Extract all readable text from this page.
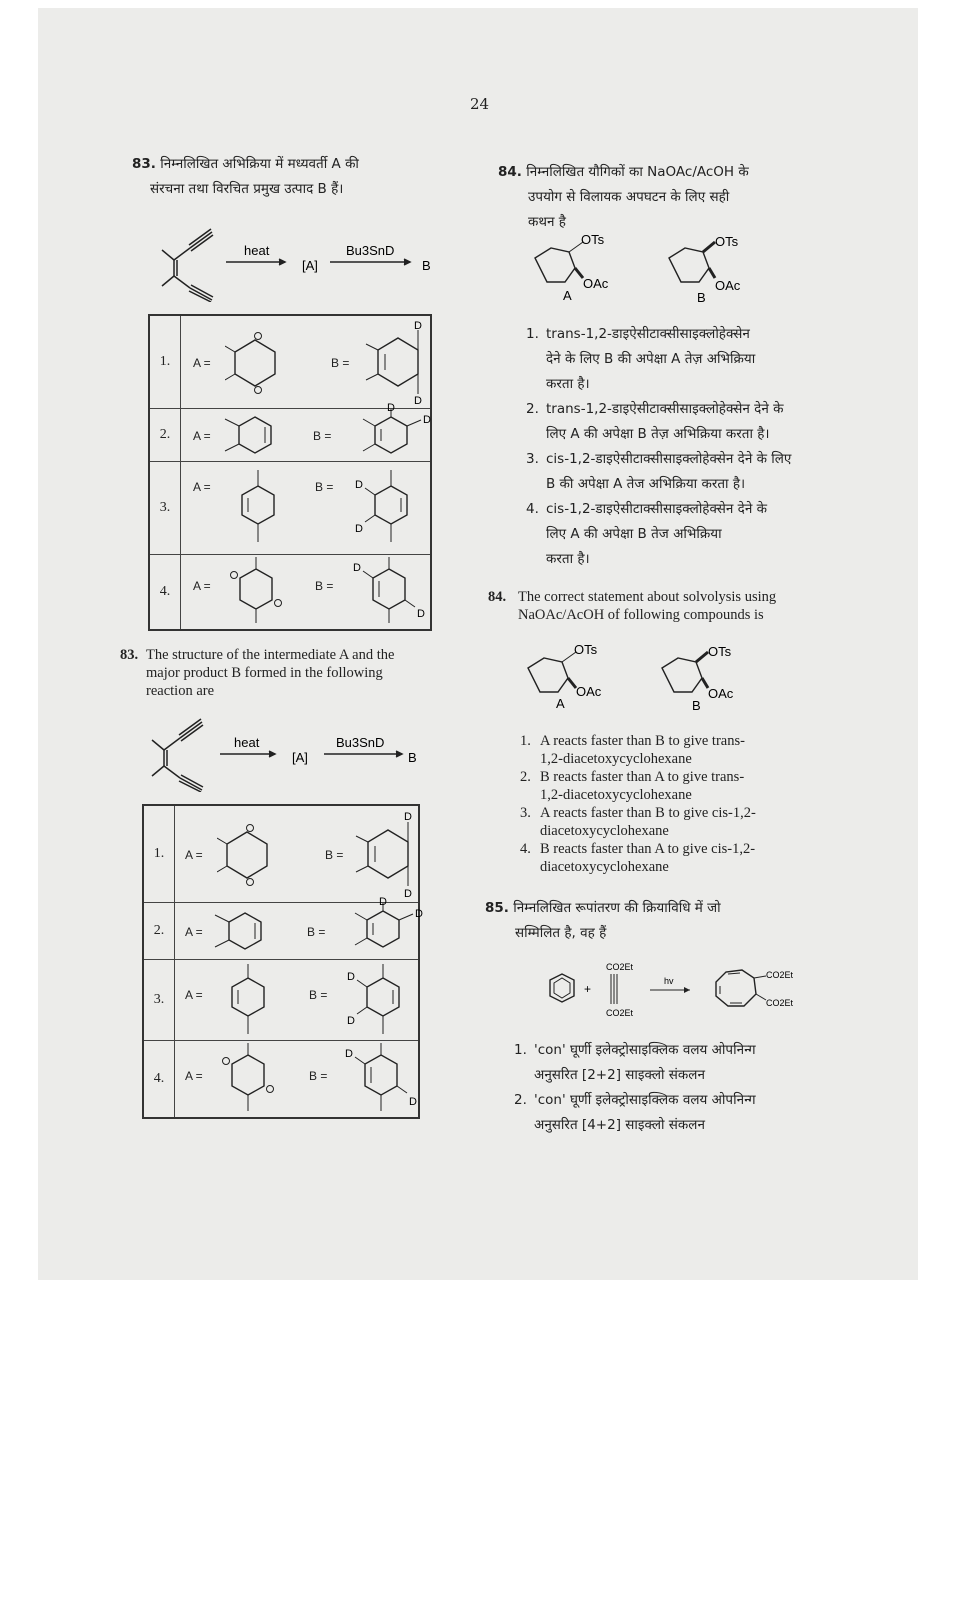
24
83. निम्नलिखित अभिक्रिया में मध्यवर्ती A की
संरचना तथा विरचित प्रमुख उत्पाद B हैं।
heat
[A]
Bu3SnD
B
1.	A = B =
D
D

2.	A = B =
D
D

3.	A = B = D
D

4.	A = B =
D
D
83. The structure of the intermediate A and the
major product B formed in the following
reaction are
heat
[A]
Bu3SnD
B
1.	A = B =
D
D

2.	A = B =
D
D

3.	A = B =
D
D

4.	A = B =
D
D
84. निम्नलिखित यौगिकों का NaOAc/AcOH के
उपयोग से विलायक अपघटन के लिए सही
कथन है
OTs
OAc
A
OTs
OAc
B
1. trans-1,2-डाइऐसीटाक्सीसाइक्लोहेक्सेन
देने के लिए B की अपेक्षा A तेज़ अभिक्रिया
करता है।
2. trans-1,2-डाइऐसीटाक्सीसाइक्लोहेक्सेन देने के
लिए A की अपेक्षा B तेज़ अभिक्रिया करता है।
3. cis-1,2-डाइऐसीटाक्सीसाइक्लोहेक्सेन देने के लिए
B की अपेक्षा A तेज अभिक्रिया करता है।
4. cis-1,2-डाइऐसीटाक्सीसाइक्लोहेक्सेन देने के
लिए A की अपेक्षा B तेज अभिक्रिया
करता है।
84. The correct statement about solvolysis using
NaOAc/AcOH of following compounds is
OTs
OAc
A
OTs
OAc
B
1. A reacts faster than B to give trans-
1,2-diacetoxycyclohexane
2. B reacts faster than A to give trans-
1,2-diacetoxycyclohexane
3. A reacts faster than B to give cis-1,2-
diacetoxycyclohexane
4. B reacts faster than A to give cis-1,2-
diacetoxycyclohexane
85. निम्नलिखित रूपांतरण की क्रियाविधि में जो
सम्मिलित है, वह हैं
+
CO2Et
CO2Et
hv
CO2Et
CO2Et
1. 'con' घूर्णी इलेक्ट्रोसाइक्लिक वलय ओपनिन्ग
अनुसरित [2+2] साइक्लो संकलन
2. 'con' घूर्णी इलेक्ट्रोसाइक्लिक वलय ओपनिन्ग
अनुसरित [4+2] साइक्लो संकलन
